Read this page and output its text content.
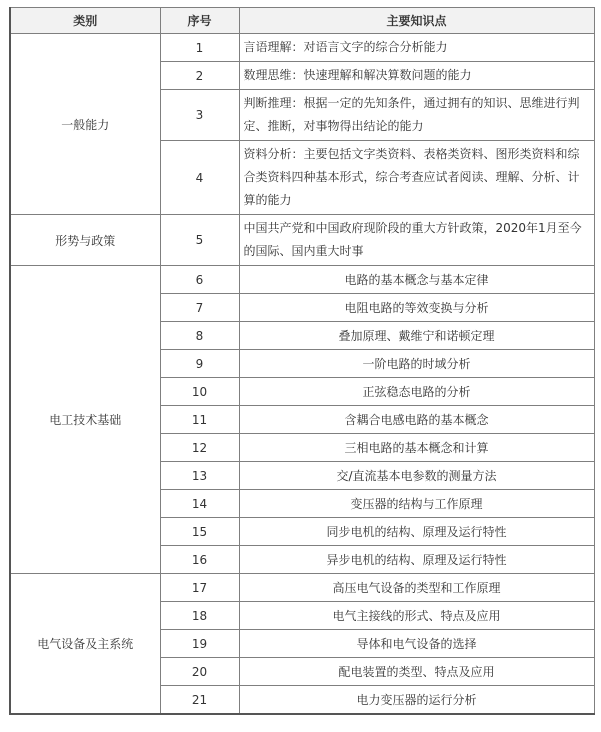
类别	序号	主要知识点
一般能力	1	言语理解：对语言文字的综合分析能力
	2	数理思维：快速理解和解决算数问题的能力
	3	判断推理：根据一定的先知条件，通过拥有的知识、思维进行判定、推断，对事物得出结论的能力
	4	资料分析：主要包括文字类资料、表格类资料、图形类资料和综合类资料四种基本形式，综合考查应试者阅读、理解、分析、计算的能力
形势与政策	5	中国共产党和中国政府现阶段的重大方针政策，2020年1月至今的国际、国内重大时事
电工技术基础	6	电路的基本概念与基本定律
	7	电阻电路的等效变换与分析
	8	叠加原理、戴维宁和诺顿定理
	9	一阶电路的时域分析
	10	正弦稳态电路的分析
	11	含耦合电感电路的基本概念
	12	三相电路的基本概念和计算
	13	交/直流基本电参数的测量方法
	14	变压器的结构与工作原理
	15	同步电机的结构、原理及运行特性
	16	异步电机的结构、原理及运行特性
电气设备及主系统	17	高压电气设备的类型和工作原理
	18	电气主接线的形式、特点及应用
	19	导体和电气设备的选择
	20	配电装置的类型、特点及应用
	21	电力变压器的运行分析
